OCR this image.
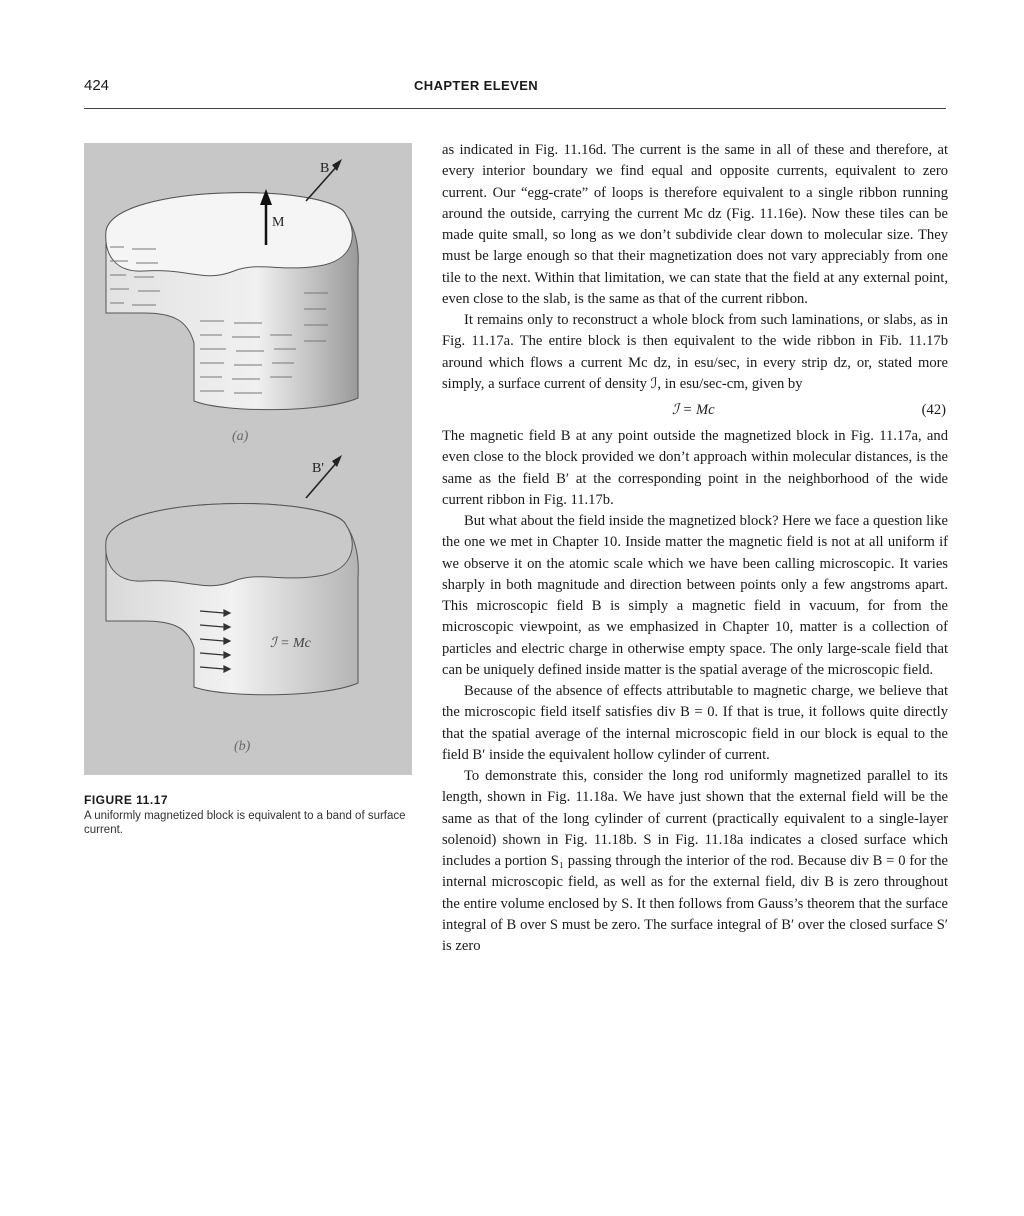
424	CHAPTER ELEVEN
B
M
(a)
B'
ℐ = Mc
(b)
FIGURE 11.17
A uniformly magnetized block is equivalent to a band of surface current.

as indicated in Fig. 11.16d. The current is the same in all of these and therefore, at every interior boundary we find equal and opposite currents, equivalent to zero current. Our “egg-crate” of loops is therefore equivalent to a single ribbon running around the outside, carrying the current Mc dz (Fig. 11.16e). Now these tiles can be made quite small, so long as we don’t subdivide clear down to molecular size. They must be large enough so that their magnetization does not vary appreciably from one tile to the next. Within that limitation, we can state that the field at any external point, even close to the slab, is the same as that of the current ribbon.

It remains only to reconstruct a whole block from such laminations, or slabs, as in Fig. 11.17a. The entire block is then equivalent to the wide ribbon in Fib. 11.17b around which flows a current Mc dz, in esu/sec, in every strip dz, or, stated more simply, a surface current of density ℐ, in esu/sec-cm, given by

ℐ = Mc	(42)

The magnetic field B at any point outside the magnetized block in Fig. 11.17a, and even close to the block provided we don’t approach within molecular distances, is the same as the field B′ at the corresponding point in the neighborhood of the wide current ribbon in Fig. 11.17b.

But what about the field inside the magnetized block? Here we face a question like the one we met in Chapter 10. Inside matter the magnetic field is not at all uniform if we observe it on the atomic scale which we have been calling microscopic. It varies sharply in both magnitude and direction between points only a few angstroms apart. This microscopic field B is simply a magnetic field in vacuum, for from the microscopic viewpoint, as we emphasized in Chapter 10, matter is a collection of particles and electric charge in otherwise empty space. The only large-scale field that can be uniquely defined inside matter is the spatial average of the microscopic field.

Because of the absence of effects attributable to magnetic charge, we believe that the microscopic field itself satisfies div B = 0. If that is true, it follows quite directly that the spatial average of the internal microscopic field in our block is equal to the field B′ inside the equivalent hollow cylinder of current.

To demonstrate this, consider the long rod uniformly magnetized parallel to its length, shown in Fig. 11.18a. We have just shown that the external field will be the same as that of the long cylinder of current (practically equivalent to a single-layer solenoid) shown in Fig. 11.18b. S in Fig. 11.18a indicates a closed surface which includes a portion S₁ passing through the interior of the rod. Because div B = 0 for the internal microscopic field, as well as for the external field, div B is zero throughout the entire volume enclosed by S. It then follows from Gauss’s theorem that the surface integral of B over S must be zero. The surface integral of B′ over the closed surface S′ is zero
